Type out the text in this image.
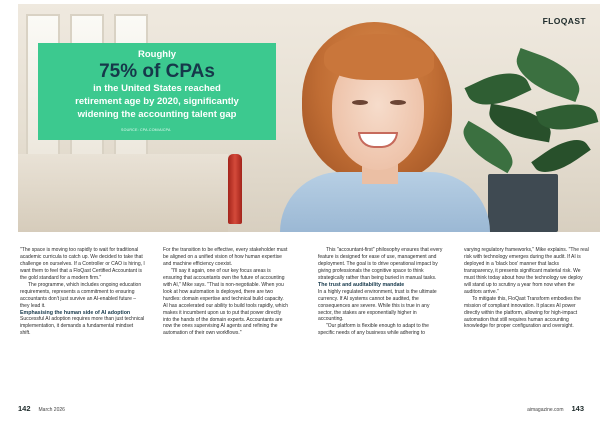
FLOQAST
Roughly
75% of CPAs
in the United States reached
retirement age by 2020, significantly
widening the accounting talent gap
SOURCE: CPA.COM/AICPA

"The space is moving too rapidly to wait for traditional academic curricula to catch up. We decided to take that challenge on ourselves. If a Controller or CAO is hiring, I want them to feel that a FloQast Certified Accountant is the gold standard for a modern firm."

The programme, which includes ongoing education requirements, represents a commitment to ensuring accountants don't just survive an AI-enabled future – they lead it.

Emphasising the human side of AI adoption

Successful AI adoption requires more than just technical implementation, it demands a fundamental mindset shift.

For the transition to be effective, every stakeholder must be aligned on a unified vision of how human expertise and machine efficiency coexist.

"I'll say it again, one of our key focus areas is ensuring that accountants own the future of accounting with AI," Mike says. "That is non-negotiable. When you look at how automation is deployed, there are two hurdles: domain expertise and technical build capacity. AI has accelerated our ability to build tools rapidly, which makes it incumbent upon us to put that power directly into the hands of the domain experts. Accountants are now the ones supervising AI agents and refining the automation of their own workflows."

This "accountant-first" philosophy ensures that every feature is designed for ease of use, management and deployment. The goal is to drive operational impact by giving professionals the cognitive space to think strategically rather than being buried in manual tasks.

The trust and auditability mandate

In a highly regulated environment, trust is the ultimate currency. If AI systems cannot be audited, the consequences are severe. While this is true in any sector, the stakes are exponentially higher in accounting.

"Our platform is flexible enough to adapt to the specific needs of any business while adhering to

varying regulatory frameworks," Mike explains. "The real risk with technology emerges during the audit. If AI is deployed in a 'black box' manner that lacks transparency, it presents significant material risk. We must think today about how the technology we deploy will stand up to scrutiny a year from now when the auditors arrive."

To mitigate this, FloQast Transform embodies the mission of compliant innovation. It places AI power directly within the platform, allowing for high-impact automation that still requires human accounting knowledge for proper configuration and oversight.

142 March 2026	aimagazine.com 143
